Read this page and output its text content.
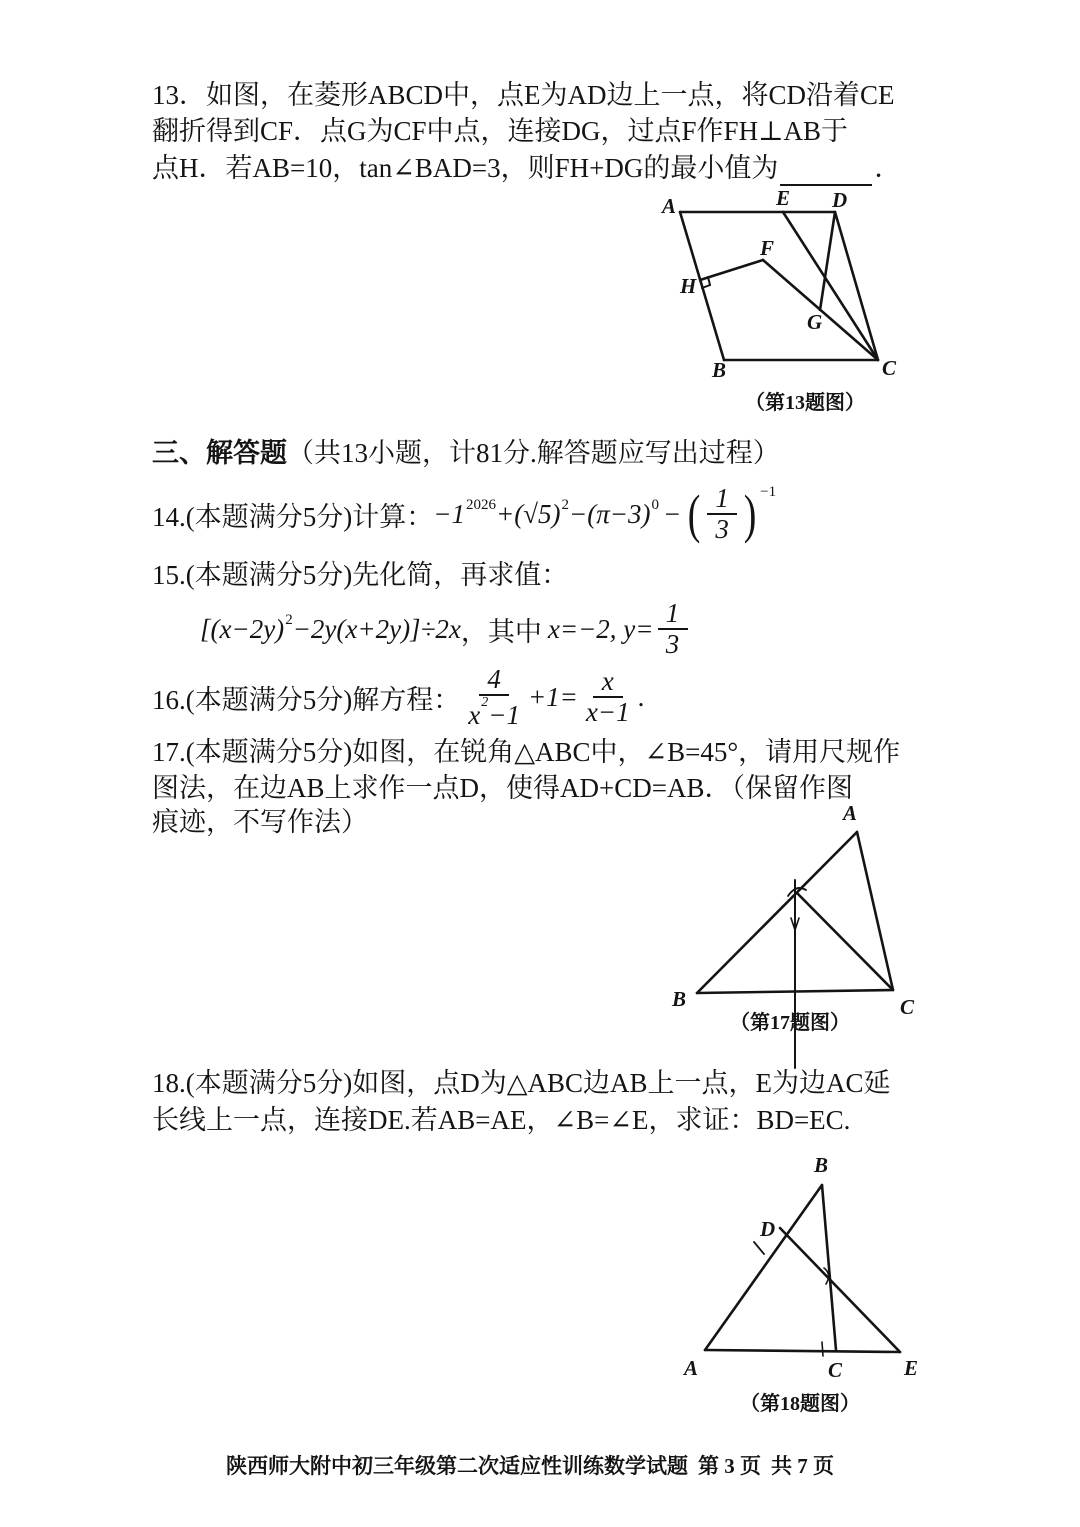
13．如图，在菱形ABCD中，点E为AD边上一点，将CD沿着CE
翻折得到CF．点G为CF中点，连接DG，过点F作FH⊥AB于
点H．若AB=10，tan∠BAD=3，则FH+DG的最小值为	．
A	E D
F
H
G
B	C
（第13题图）
三、解答题（共13小题，计81分.解答题应写出过程）
14.(本题满分5分)计算： $-1^{2026} +(√5)^2 -(\pi-3)^0$ − ( $\frac{1}{3} )^{-1}$
15.(本题满分5分)先化简，再求值：
$[(x-2y)^2 -2y(x+2y)]\div 2x$ ，其中 x=−2, $y= \frac{1}{3}$
16.(本题满分5分)解方程： $\frac{4}{x^2-1} +1= \frac{x}{x-1}$ .
17.(本题满分5分)如图，在锐角△ABC中，∠B=45°，请用尺规作
图法，在边AB上求作一点D，使得AD+CD=AB．（保留作图
痕迹，不写作法）
（第17题图）
A
B	C
18.(本题满分5分)如图，点D为△ABC边AB上一点，E为边AC延
长线上一点，连接DE.若AB=AE，∠B=∠E，求证：BD=EC.
B
D
A	C	E
（第18题图）
陕西师大附中初三年级第二次适应性训练数学试题 第 3 页 共 7 页
